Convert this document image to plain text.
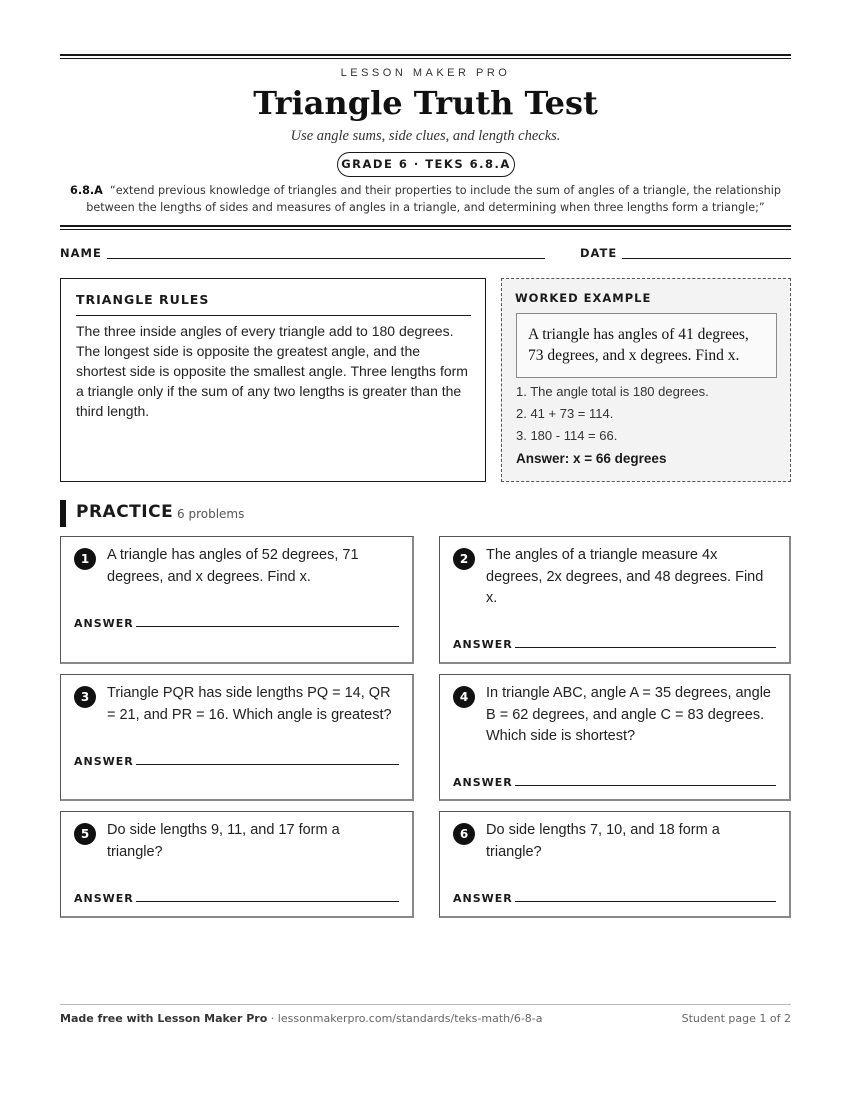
LESSON MAKER PRO
Triangle Truth Test
Use angle sums, side clues, and length checks.
GRADE 6 · TEKS 6.8.A
6.8.A “extend previous knowledge of triangles and their properties to include the sum of angles of a triangle, the relationship between the lengths of sides and measures of angles in a triangle, and determining when three lengths form a triangle;”
NAME	DATE
TRIANGLE RULES
The three inside angles of every triangle add to 180 degrees. The longest side is opposite the greatest angle, and the shortest side is opposite the smallest angle. Three lengths form a triangle only if the sum of any two lengths is greater than the third length.
WORKED EXAMPLE
A triangle has angles of 41 degrees, 73 degrees, and x degrees. Find x.
1. The angle total is 180 degrees.
2. 41 + 73 = 114.
3. 180 - 114 = 66.
Answer: x = 66 degrees
PRACTICE 6 problems
1	A triangle has angles of 52 degrees, 71 degrees, and x degrees. Find x.
ANSWER
2	The angles of a triangle measure 4x degrees, 2x degrees, and 48 degrees. Find x.
ANSWER
3	Triangle PQR has side lengths PQ = 14, QR = 21, and PR = 16. Which angle is greatest?
ANSWER
4	In triangle ABC, angle A = 35 degrees, angle B = 62 degrees, and angle C = 83 degrees. Which side is shortest?
ANSWER
5	Do side lengths 9, 11, and 17 form a triangle?
ANSWER
6	Do side lengths 7, 10, and 18 form a triangle?
ANSWER
Made free with Lesson Maker Pro · lessonmakerpro.com/standards/teks-math/6-8-a	Student page 1 of 2
